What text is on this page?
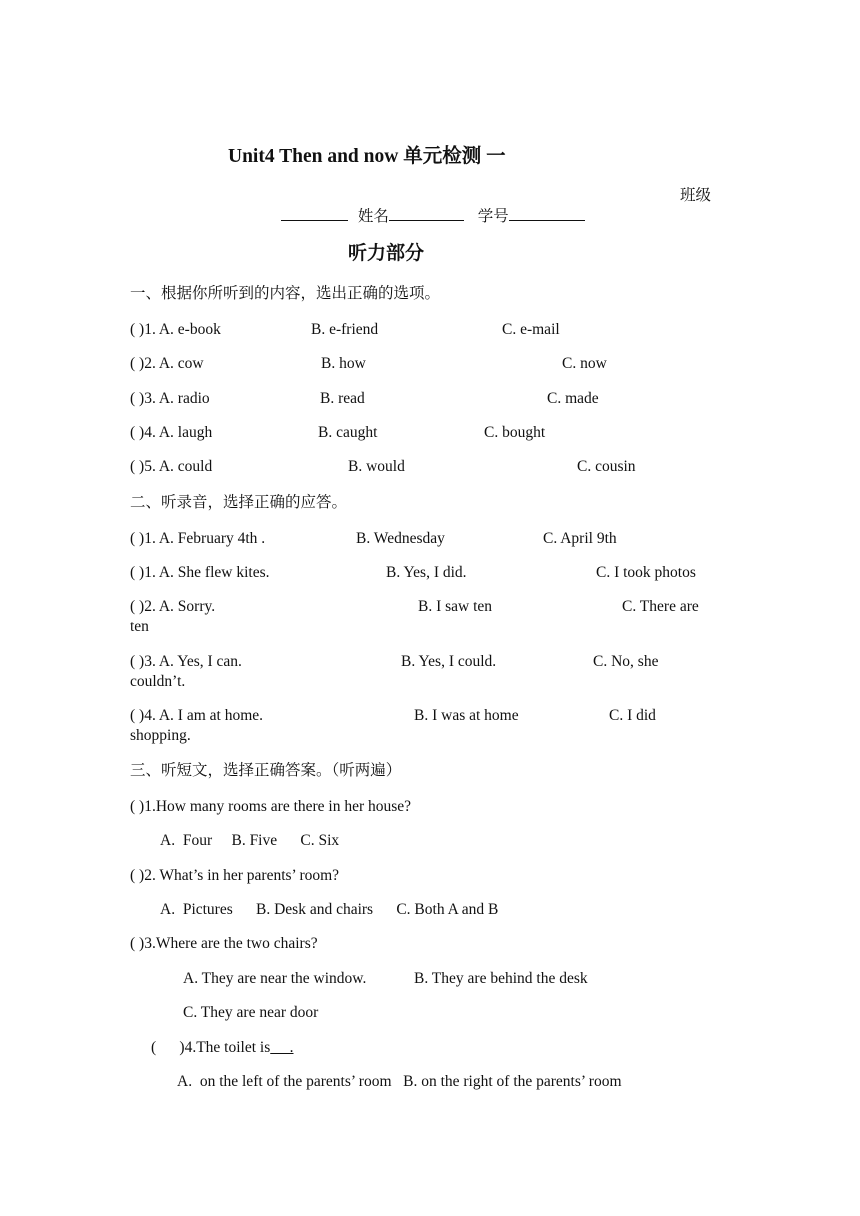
Unit4 Then and now 单元检测 一
班级
姓名	学号
听力部分
一、根据你所听到的内容，选出正确的选项。
( )1. A. e-book	B. e-friend	C. e-mail
( )2. A. cow	B. how	C. now
( )3. A. radio	B. read	C. made
( )4. A. laugh	B. caught	C. bought
( )5. A. could	B. would	C. cousin
二、听录音，选择正确的应答。
( )1. A. February 4th .	B. Wednesday	C. April 9th
( )1. A. She flew kites.	B. Yes, I did.	C. I took photos
( )2. A. Sorry.	B. I saw ten	C. There are
ten
( )3. A. Yes, I can.	B. Yes, I could.	C. No, she
couldn’t.
( )4. A. I am at home.	B. I was at home	C. I did
shopping.
三、听短文，选择正确答案。（听两遍）
( )1.How many rooms are there in her house?
A.  Four     B. Five      C. Six
( )2. What’s in her parents’ room?
A.  Pictures      B. Desk and chairs      C. Both A and B
( )3.Where are the two chairs?
A. They are near the window.	B. They are behind the desk
C. They are near door
(      )4.The toilet is     .
A.  on the left of the parents’ room   B. on the right of the parents’ room
